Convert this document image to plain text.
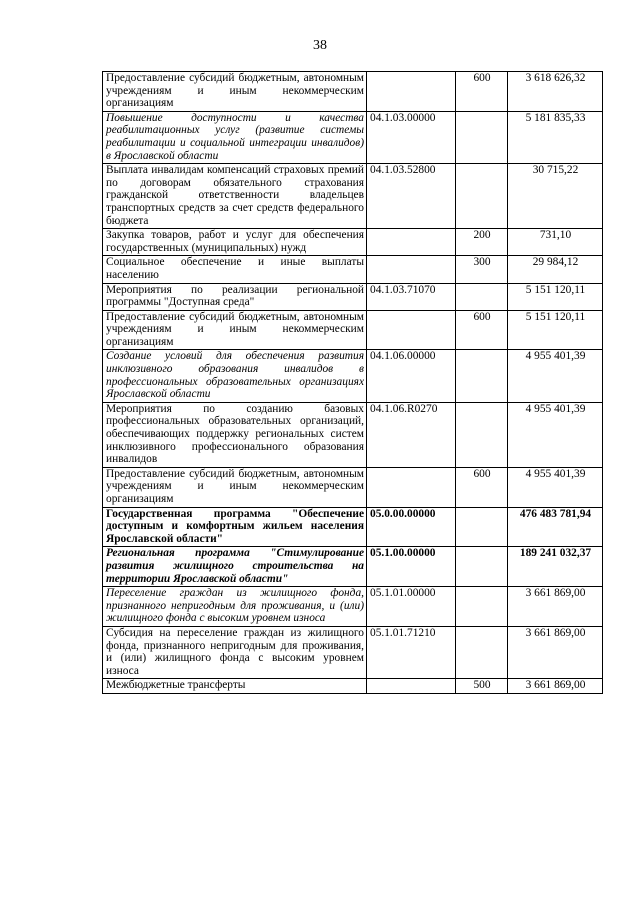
38
Предоставление субсидий бюджетным, автономным учреждениям и иным некоммерческим организациям		600	3 618 626,32
Повышение доступности и качества реабилитационных услуг (развитие системы реабилитации и социальной интеграции инвалидов) в Ярославской области	04.1.03.00000		5 181 835,33
Выплата инвалидам компенсаций страховых премий по договорам обязательного страхования гражданской ответственности владельцев транспортных средств за счет средств федерального бюджета	04.1.03.52800		30 715,22
Закупка товаров, работ и услуг для обеспечения государственных (муниципальных) нужд		200	731,10
Социальное обеспечение и иные выплаты населению		300	29 984,12
Мероприятия по реализации региональной программы "Доступная среда"	04.1.03.71070		5 151 120,11
Предоставление субсидий бюджетным, автономным учреждениям и иным некоммерческим организациям		600	5 151 120,11
Создание условий для обеспечения развития инклюзивного образования инвалидов в профессиональных образовательных организациях Ярославской области	04.1.06.00000		4 955 401,39
Мероприятия по созданию базовых профессиональных образовательных организаций, обеспечивающих поддержку региональных систем инклюзивного профессионального образования инвалидов	04.1.06.R0270		4 955 401,39
Предоставление субсидий бюджетным, автономным учреждениям и иным некоммерческим организациям		600	4 955 401,39
Государственная программа "Обеспечение доступным и комфортным жильем населения Ярославской области"	05.0.00.00000		476 483 781,94
Региональная программа "Стимулирование развития жилищного строительства на территории Ярославской области"	05.1.00.00000		189 241 032,37
Переселение граждан из жилищного фонда, признанного непригодным для проживания, и (или) жилищного фонда с высоким уровнем износа	05.1.01.00000		3 661 869,00
Субсидия на переселение граждан из жилищного фонда, признанного непригодным для проживания, и (или) жилищного фонда с высоким уровнем износа	05.1.01.71210		3 661 869,00
Межбюджетные трансферты		500	3 661 869,00
